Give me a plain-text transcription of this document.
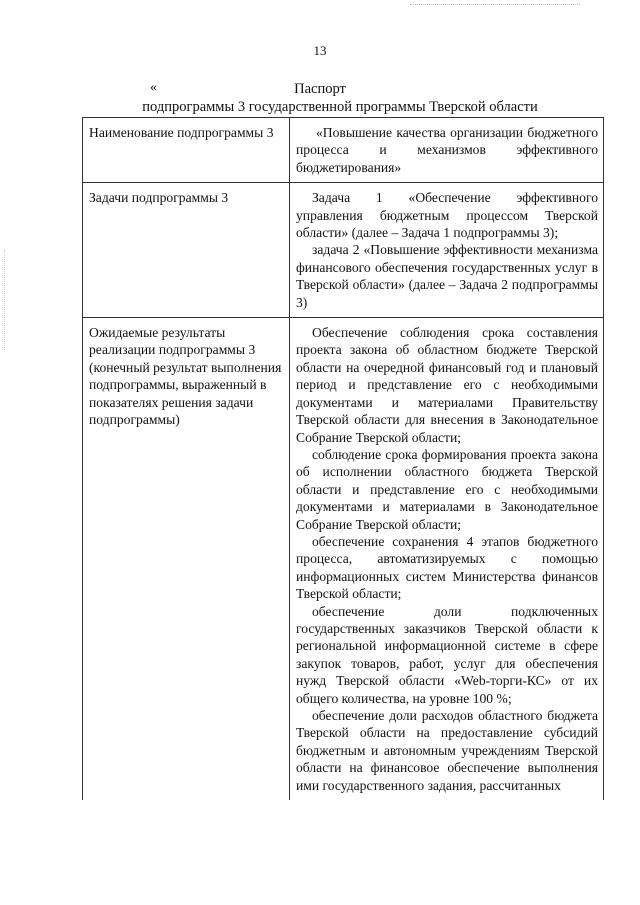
13
«	Паспорт
подпрограммы 3 государственной программы Тверской области
Наименование подпрограммы 3	«Повышение качества организации бюджетного процесса и механизмов эффективного бюджетирования»

Задачи подпрограммы 3	Задача 1 «Обеспечение эффективного управления бюджетным процессом Тверской области» (далее – Задача 1 подпрограммы 3);

задача 2 «Повышение эффективности механизма финансового обеспечения государственных услуг в Тверской области» (далее – Задача 2 подпрограммы 3)

Ожидаемые результаты реализации подпрограммы 3 (конечный результат выполнения подпрограммы, выраженный в показателях решения задачи подпрограммы)	Обеспечение соблюдения срока составления проекта закона об областном бюджете Тверской области на очередной финансовый год и плановый период и представление его с необходимыми документами и материалами Правительству Тверской области для внесения в Законодательное Собрание Тверской области;

соблюдение срока формирования проекта закона об исполнении областного бюджета Тверской области и представление его с необходимыми документами и материалами в Законодательное Собрание Тверской области;

обеспечение сохранения 4 этапов бюджетного процесса, автоматизируемых с помощью информационных систем Министерства финансов Тверской области;

обеспечение доли подключенных государственных заказчиков Тверской области к региональной информационной системе в сфере закупок товаров, работ, услуг для обеспечения нужд Тверской области «Web-торги-КС» от их общего количества, на уровне 100 %;

обеспечение доли расходов областного бюджета Тверской области на предоставление субсидий бюджетным и автономным учреждениям Тверской области на финансовое обеспечение выполнения ими государственного задания, рассчитанных
